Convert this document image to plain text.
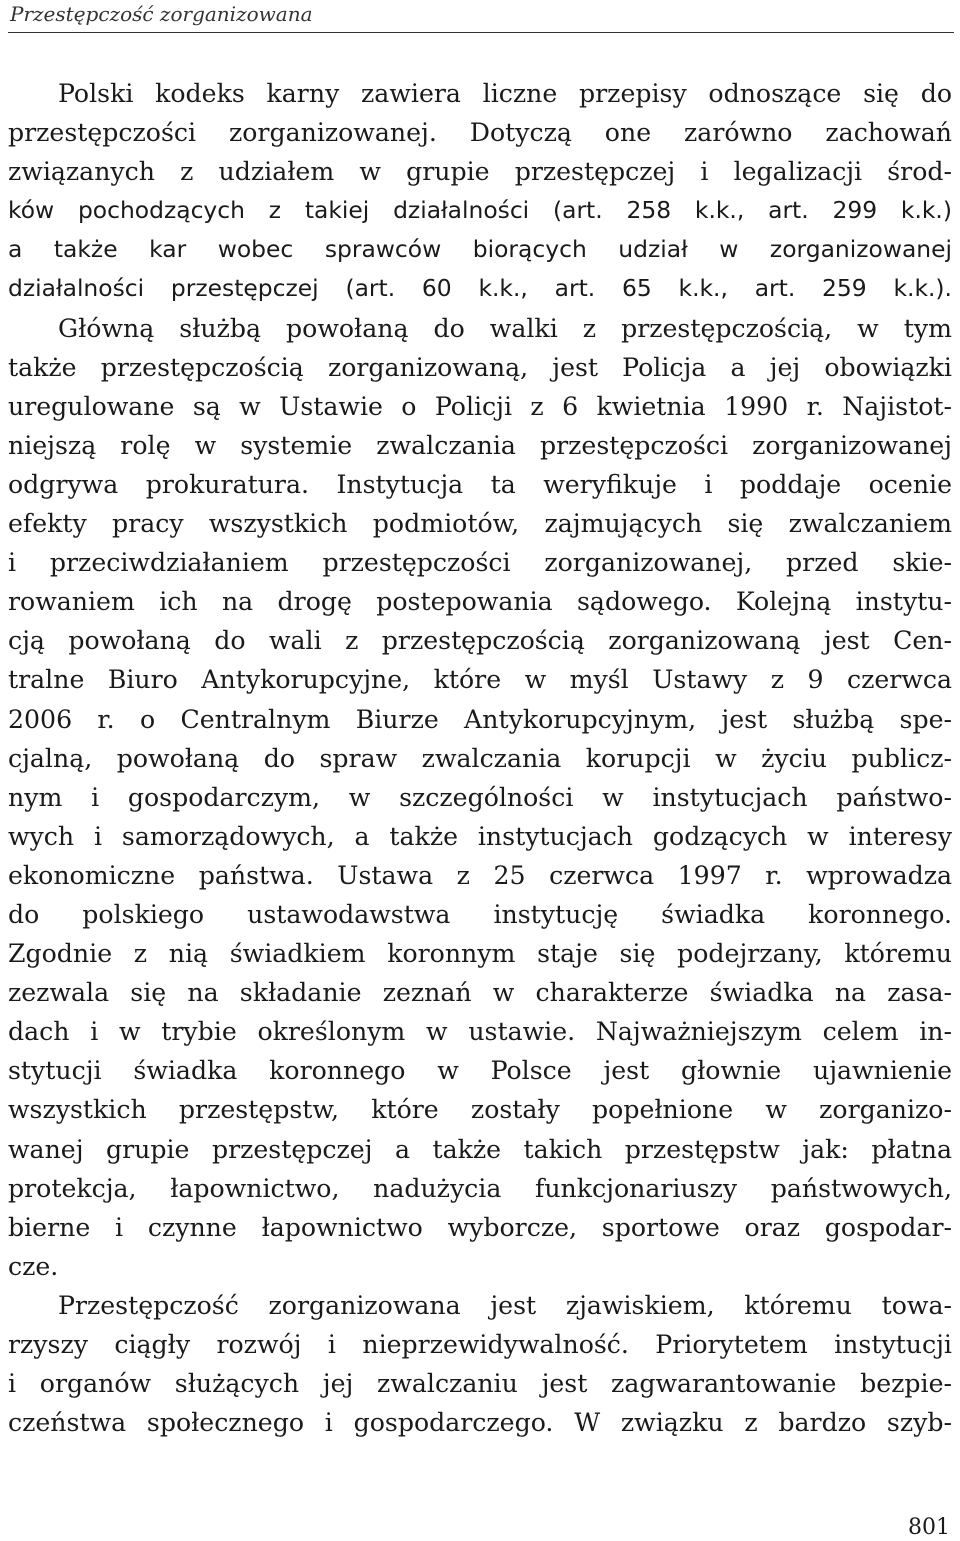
Przestępczość zorganizowana
Polski kodeks karny zawiera liczne przepisy odnoszące się do
przestępczości zorganizowanej. Dotyczą one zarówno zachowań
związanych z udziałem w grupie przestępczej i legalizacji środ-
ków pochodzących z takiej działalności (art. 258 k.k., art. 299 k.k.)
a także kar wobec sprawców biorących udział w zorganizowanej
działalności przestępczej (art. 60 k.k., art. 65 k.k., art. 259 k.k.).
Główną służbą powołaną do walki z przestępczością, w tym
także przestępczością zorganizowaną, jest Policja a jej obowiązki
uregulowane są w Ustawie o Policji z 6 kwietnia 1990 r. Najistot-
niejszą rolę w systemie zwalczania przestępczości zorganizowanej
odgrywa prokuratura. Instytucja ta weryfikuje i poddaje ocenie
efekty pracy wszystkich podmiotów, zajmujących się zwalczaniem
i przeciwdziałaniem przestępczości zorganizowanej, przed skie-
rowaniem ich na drogę postepowania sądowego. Kolejną instytu-
cją powołaną do wali z przestępczością zorganizowaną jest Cen-
tralne Biuro Antykorupcyjne, które w myśl Ustawy z 9 czerwca
2006 r. o Centralnym Biurze Antykorupcyjnym, jest służbą spe-
cjalną, powołaną do spraw zwalczania korupcji w życiu publicz-
nym i gospodarczym, w szczególności w instytucjach państwo-
wych i samorządowych, a także instytucjach godzących w interesy
ekonomiczne państwa. Ustawa z 25 czerwca 1997 r. wprowadza
do polskiego ustawodawstwa instytucję świadka koronnego.
Zgodnie z nią świadkiem koronnym staje się podejrzany, któremu
zezwala się na składanie zeznań w charakterze świadka na zasa-
dach i w trybie określonym w ustawie. Najważniejszym celem in-
stytucji świadka koronnego w Polsce jest głownie ujawnienie
wszystkich przestępstw, które zostały popełnione w zorganizo-
wanej grupie przestępczej a także takich przestępstw jak: płatna
protekcja, łapownictwo, nadużycia funkcjonariuszy państwowych,
bierne i czynne łapownictwo wyborcze, sportowe oraz gospodar-
cze.
Przestępczość zorganizowana jest zjawiskiem, któremu towa-
rzyszy ciągły rozwój i nieprzewidywalność. Priorytetem instytucji
i organów służących jej zwalczaniu jest zagwarantowanie bezpie-
czeństwa społecznego i gospodarczego. W związku z bardzo szyb-
801
